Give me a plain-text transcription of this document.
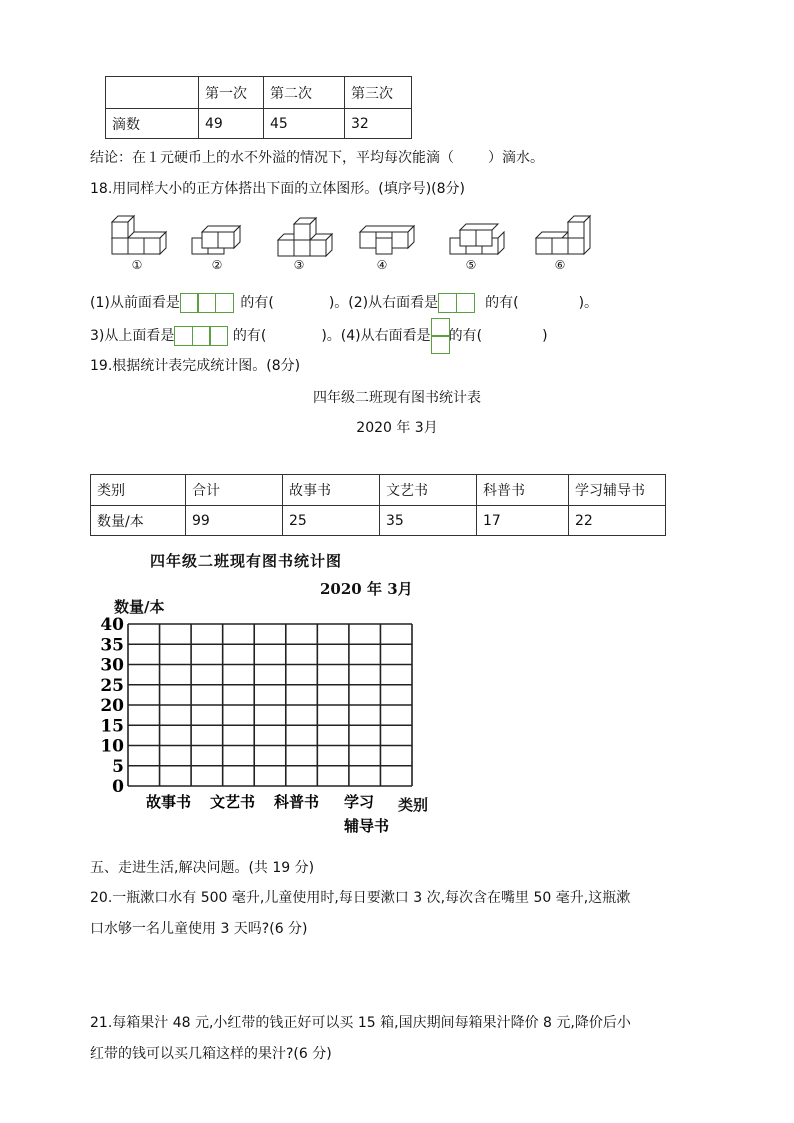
	第一次	第二次	第三次
滴数	49	45	32
结论：在１元硬币上的水不外溢的情况下，平均每次能滴（ ）滴水。
18.用同样大小的正方体搭出下面的立体图形。(填序号)(8分)
①	②	③	④	⑤	⑥
(1)从前面看是	的有(	)。(2)从右面看是	的有(	)。
3)从上面看是	的有(	)。(4)从右面看是 的有(	)
19.根据统计表完成统计图。(8分)
四年级二班现有图书统计表
2020 年 3月
类别	合计	故事书	文艺书	科普书	学习辅导书
数量/本	99	25	35	17	22
四年级二班现有图书统计图
2020 年 3月
数量/本
40
35
30
25
20
15
10
5
0
故事书 文艺书 科普书 学习
辅导书
类别
五、走进生活,解决问题。(共 19 分)
20.一瓶漱口水有 500 毫升,儿童使用时,每日要漱口 3 次,每次含在嘴里 50 毫升,这瓶漱
口水够一名儿童使用 3 天吗?(6 分)
21.每箱果汁 48 元,小红带的钱正好可以买 15 箱,国庆期间每箱果汁降价 8 元,降价后小
红带的钱可以买几箱这样的果汁?(6 分)
